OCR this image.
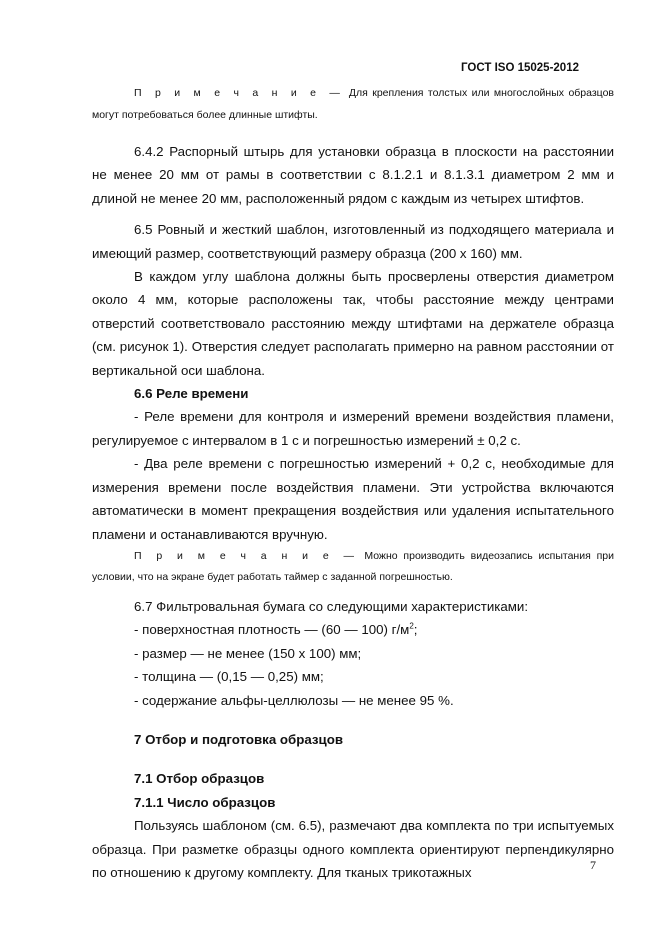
ГОСТ ISO 15025-2012

П р и м е ч а н и е — Для крепления толстых или многослойных образцов могут потребоваться более длинные штифты.

6.4.2 Распорный штырь для установки образца в плоскости на расстоянии не менее 20 мм от рамы в соответствии с 8.1.2.1 и 8.1.3.1 диаметром 2 мм и длиной не менее 20 мм, расположенный рядом с каждым из четырех штифтов.

6.5 Ровный и жесткий шаблон, изготовленный из подходящего материала и имеющий размер, соответствующий размеру образца (200 х 160) мм.

В каждом углу шаблона должны быть просверлены отверстия диаметром около 4 мм, которые расположены так, чтобы расстояние между центрами отверстий соответствовало расстоянию между штифтами на держателе образца (см. рисунок 1). Отверстия следует располагать примерно на равном расстоянии от вертикальной оси шаблона.

6.6 Реле времени

- Реле времени для контроля и измерений времени воздействия пламени, регулируемое с интервалом в 1 с и погрешностью измерений ± 0,2 с.

- Два реле времени с погрешностью измерений + 0,2 с, необходимые для измерения времени после воздействия пламени. Эти устройства включаются автоматически в момент прекращения воздействия или удаления испытательного пламени и останавливаются вручную.

П р и м е ч а н и е — Можно производить видеозапись испытания при условии, что на экране будет работать таймер с заданной погрешностью.

6.7 Фильтровальная бумага со следующими характеристиками:

- поверхностная плотность — (60 — 100) $г/м^2$;

- размер — не менее (150 х 100) мм;

- толщина — (0,15 — 0,25) мм;

- содержание альфы-целлюлозы — не менее 95 %.

7 Отбор и подготовка образцов

7.1 Отбор образцов

7.1.1 Число образцов

Пользуясь шаблоном (см. 6.5), размечают два комплекта по три испытуемых образца. При разметке образцы одного комплекта ориентируют перпендикулярно по отношению к другому комплекту. Для тканых трикотажных	7
